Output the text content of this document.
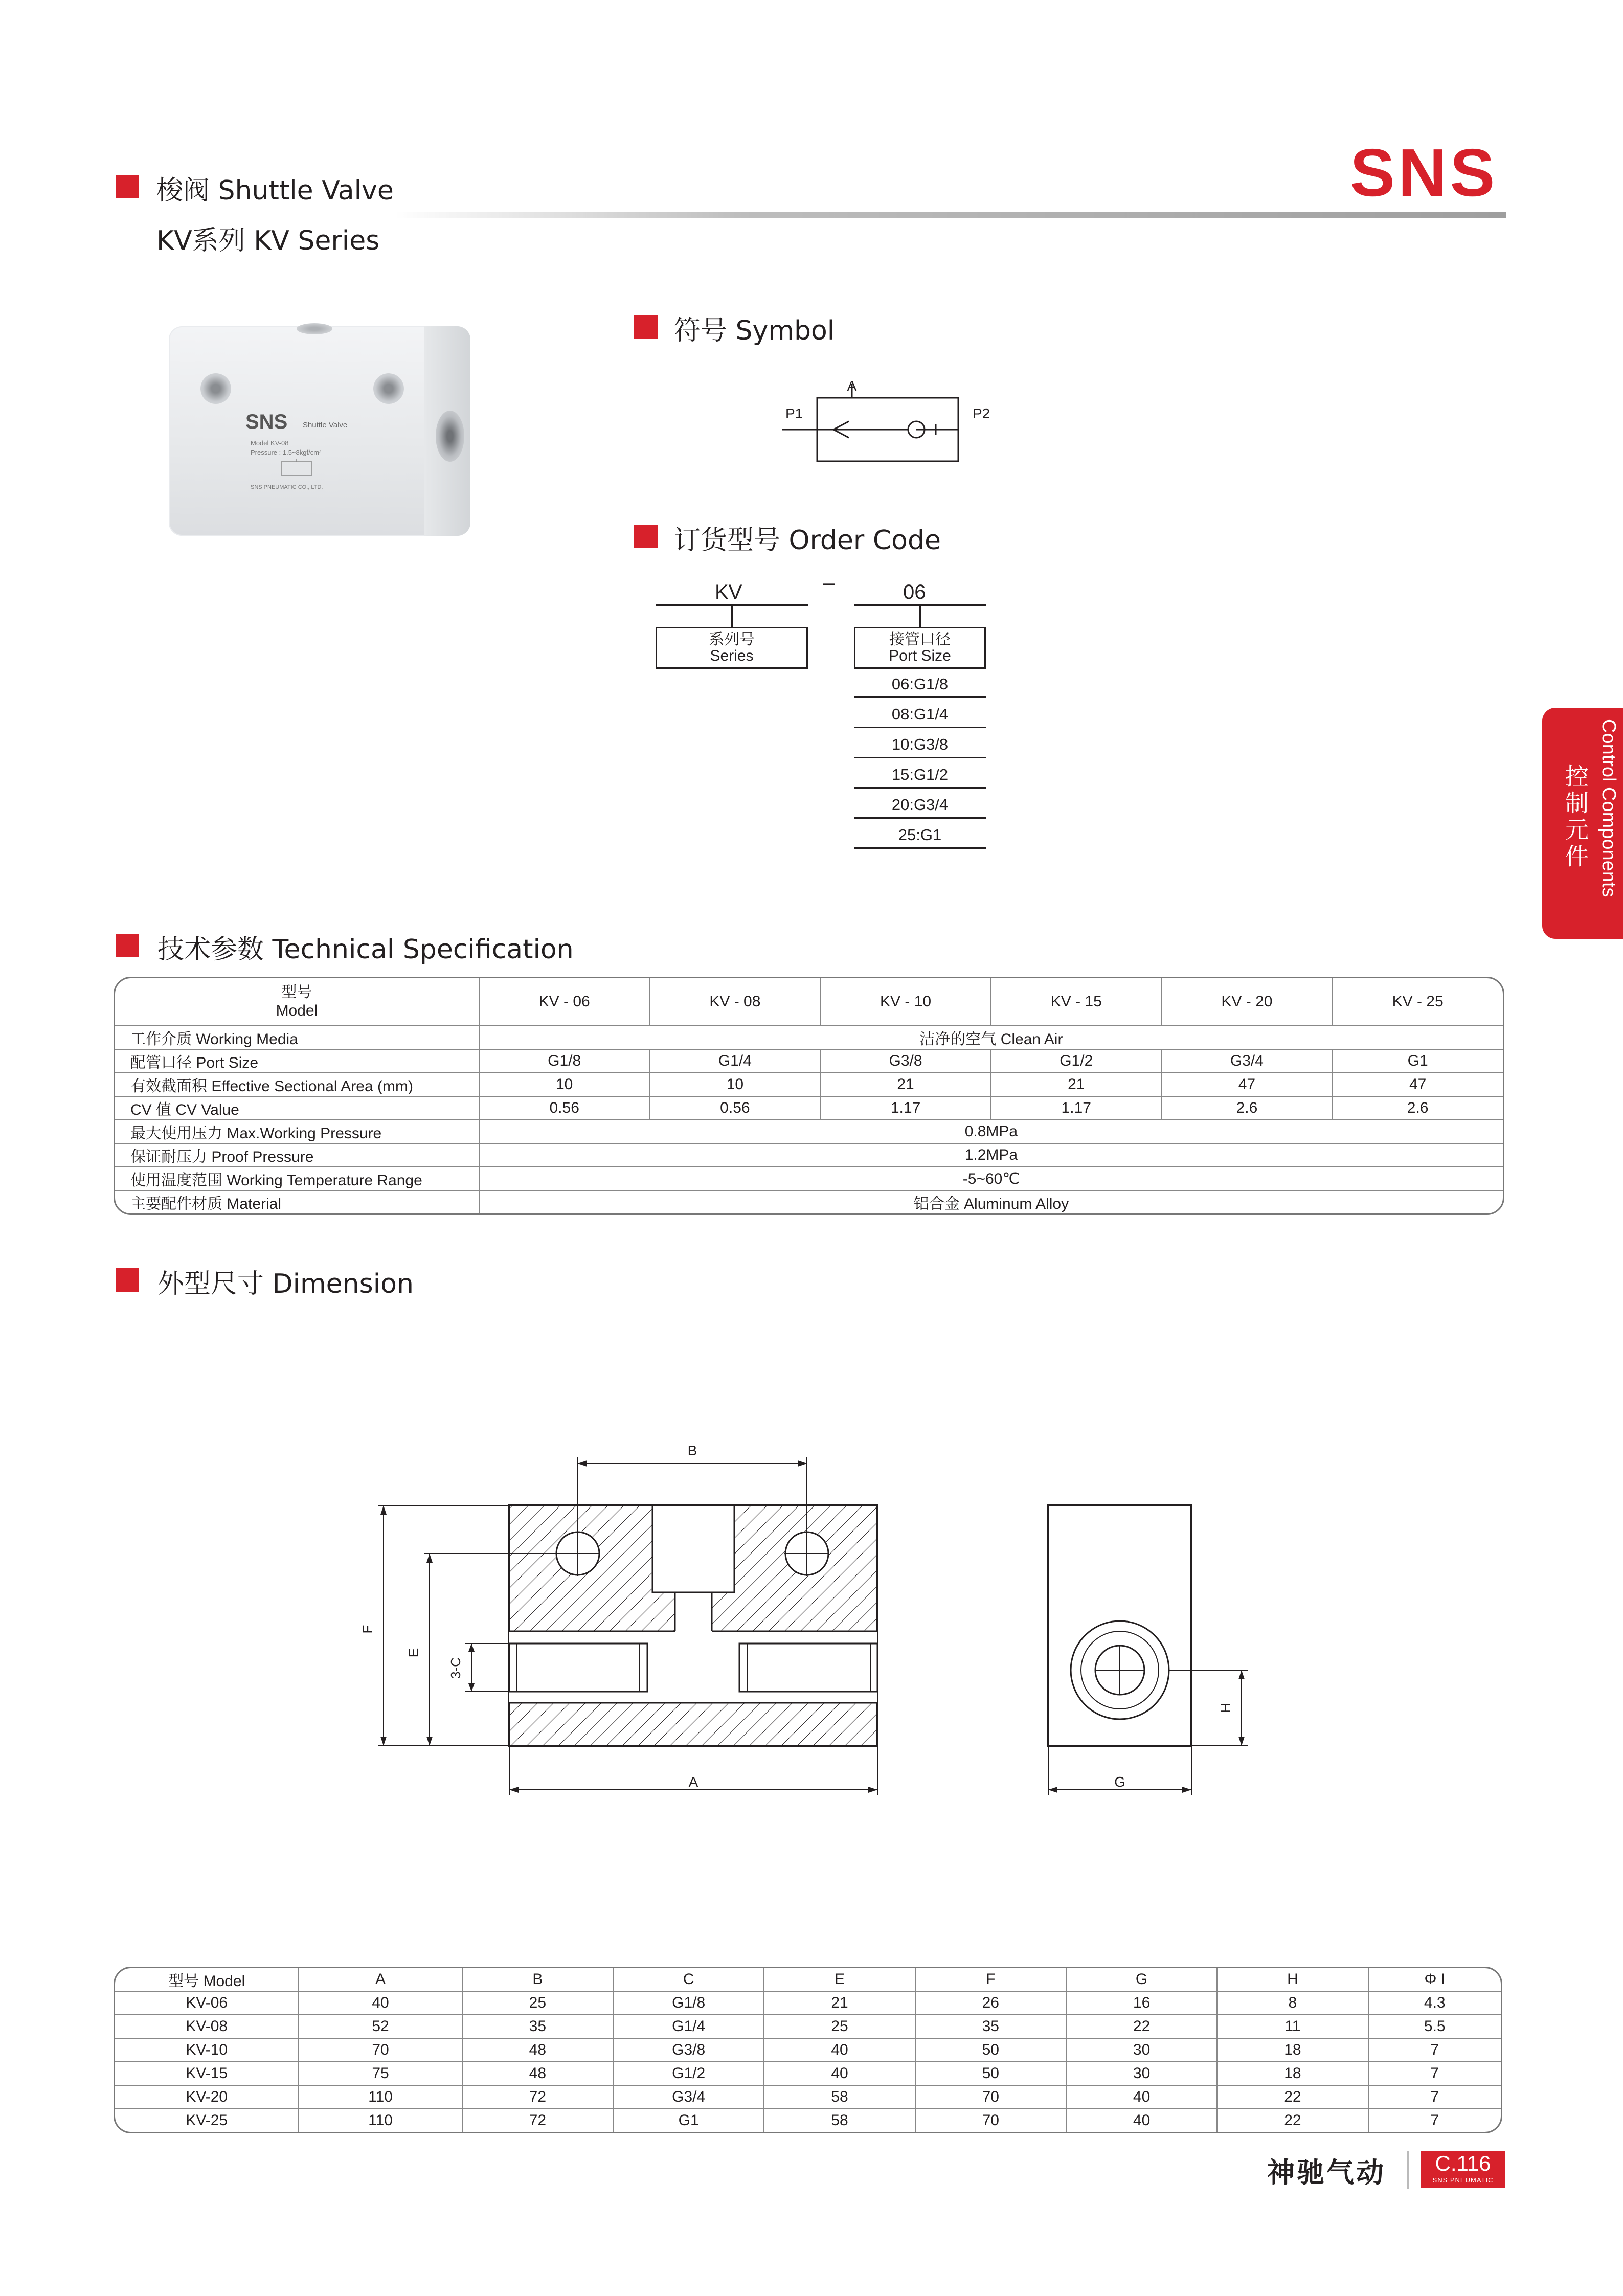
梭阀 Shuttle Valve
KV系列 KV Series
SNS
SNS	Shuttle Valve
Model KV-08
Pressure : 1.5~8kgf/cm²
SNS PNEUMATIC CO., LTD.
符号 Symbol
A
P1	P2
订货型号 Order Code
KV	–	06
系列号
Series
接管口径
Port Size
06:G1/8
08:G1/4
10:G3/8
15:G1/2
20:G3/4
25:G1	Control Components
控制元件
技术参数 Technical Specification
型号
Model	KV - 06	KV - 08	KV - 10	KV - 15	KV - 20	KV - 25
工作介质 Working Media	洁净的空气 Clean Air					
配管口径 Port Size	G1/8	G1/4	G3/8	G1/2	G3/4	G1
有效截面积 Effective Sectional Area (mm)	10	10	21	21	47	47
CV 值 CV Value	0.56	0.56	1.17	1.17	2.6	2.6
最大使用压力 Max.Working Pressure	0.8MPa					
保证耐压力 Proof Pressure	1.2MPa					
使用温度范围 Working Temperature Range	-5~60℃					
主要配件材质 Material	铝合金 Aluminum Alloy					
外型尺寸 Dimension
B
A
F
E
3-C
G
H
型号 Model	A	B	C	E	F	G	H	Φ I
KV-06	40	25	G1/8	21	26	16	8	4.3
KV-08	52	35	G1/4	25	35	22	11	5.5
KV-10	70	48	G3/8	40	50	30	18	7
KV-15	75	48	G1/2	40	50	30	18	7
KV-20	110	72	G3/4	58	70	40	22	7
KV-25	110	72	G1	58	70	40	22	7
神驰气动	C.116
SNS PNEUMATIC
